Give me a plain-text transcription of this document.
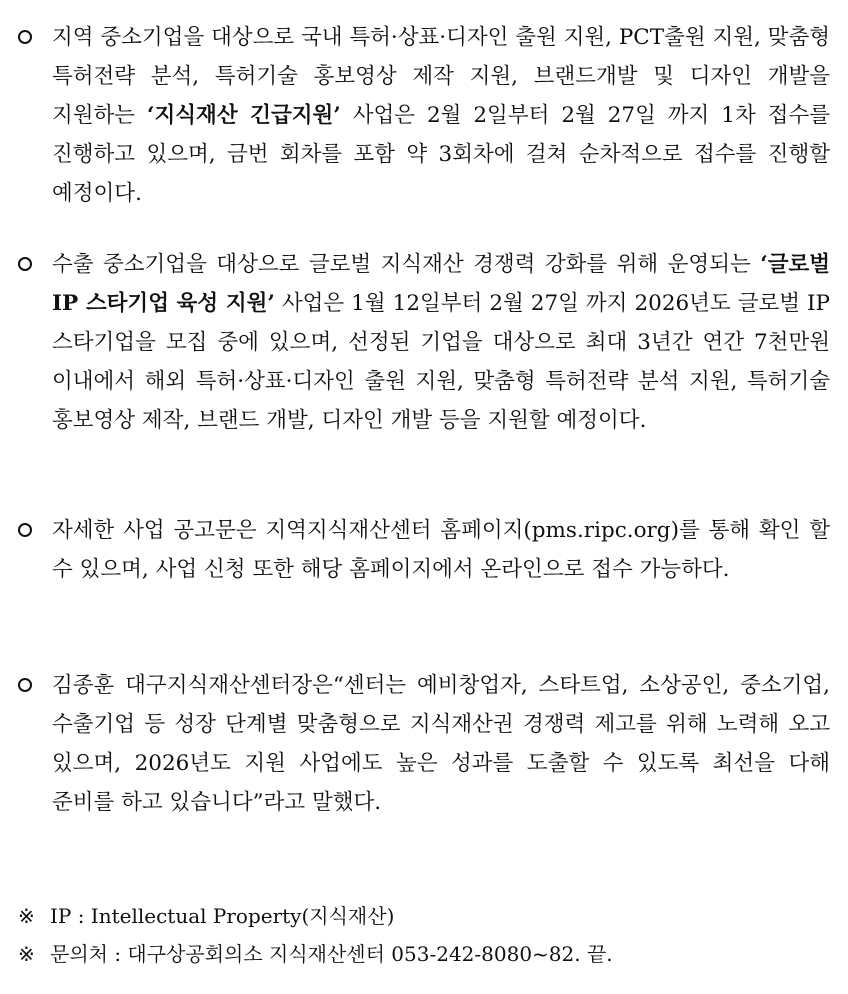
지역 중소기업을 대상으로 국내 특허·상표·디자인 출원 지원, PCT출원 지원, 맞춤형 특허전략 분석, 특허기술 홍보영상 제작 지원, 브랜드개발 및 디자인 개발을 지원하는 ‘지식재산 긴급지원’ 사업은 2월 2일부터 2월 27일 까지 1차 접수를 진행하고 있으며, 금번 회차를 포함 약 3회차에 걸쳐 순차적으로 접수를 진행할 예정이다.
수출 중소기업을 대상으로 글로벌 지식재산 경쟁력 강화를 위해 운영되는 ‘글로벌 IP 스타기업 육성 지원’ 사업은 1월 12일부터 2월 27일 까지 2026년도 글로벌 IP 스타기업을 모집 중에 있으며, 선정된 기업을 대상으로 최대 3년간 연간 7천만원 이내에서 해외 특허·상표·디자인 출원 지원, 맞춤형 특허전략 분석 지원, 특허기술 홍보영상 제작, 브랜드 개발, 디자인 개발 등을 지원할 예정이다.
자세한 사업 공고문은 지역지식재산센터 홈페이지(pms.ripc.org)를 통해 확인 할 수 있으며, 사업 신청 또한 해당 홈페이지에서 온라인으로 접수 가능하다.
김종훈 대구지식재산센터장은“센터는 예비창업자, 스타트업, 소상공인, 중소기업, 수출기업 등 성장 단계별 맞춤형으로 지식재산권 경쟁력 제고를 위해 노력해 오고 있으며, 2026년도 지원 사업에도 높은 성과를 도출할 수 있도록 최선을 다해 준비를 하고 있습니다”라고 말했다.
※ IP : Intellectual Property(지식재산)
※ 문의처 : 대구상공회의소 지식재산센터 053-242-8080~82. 끝.
